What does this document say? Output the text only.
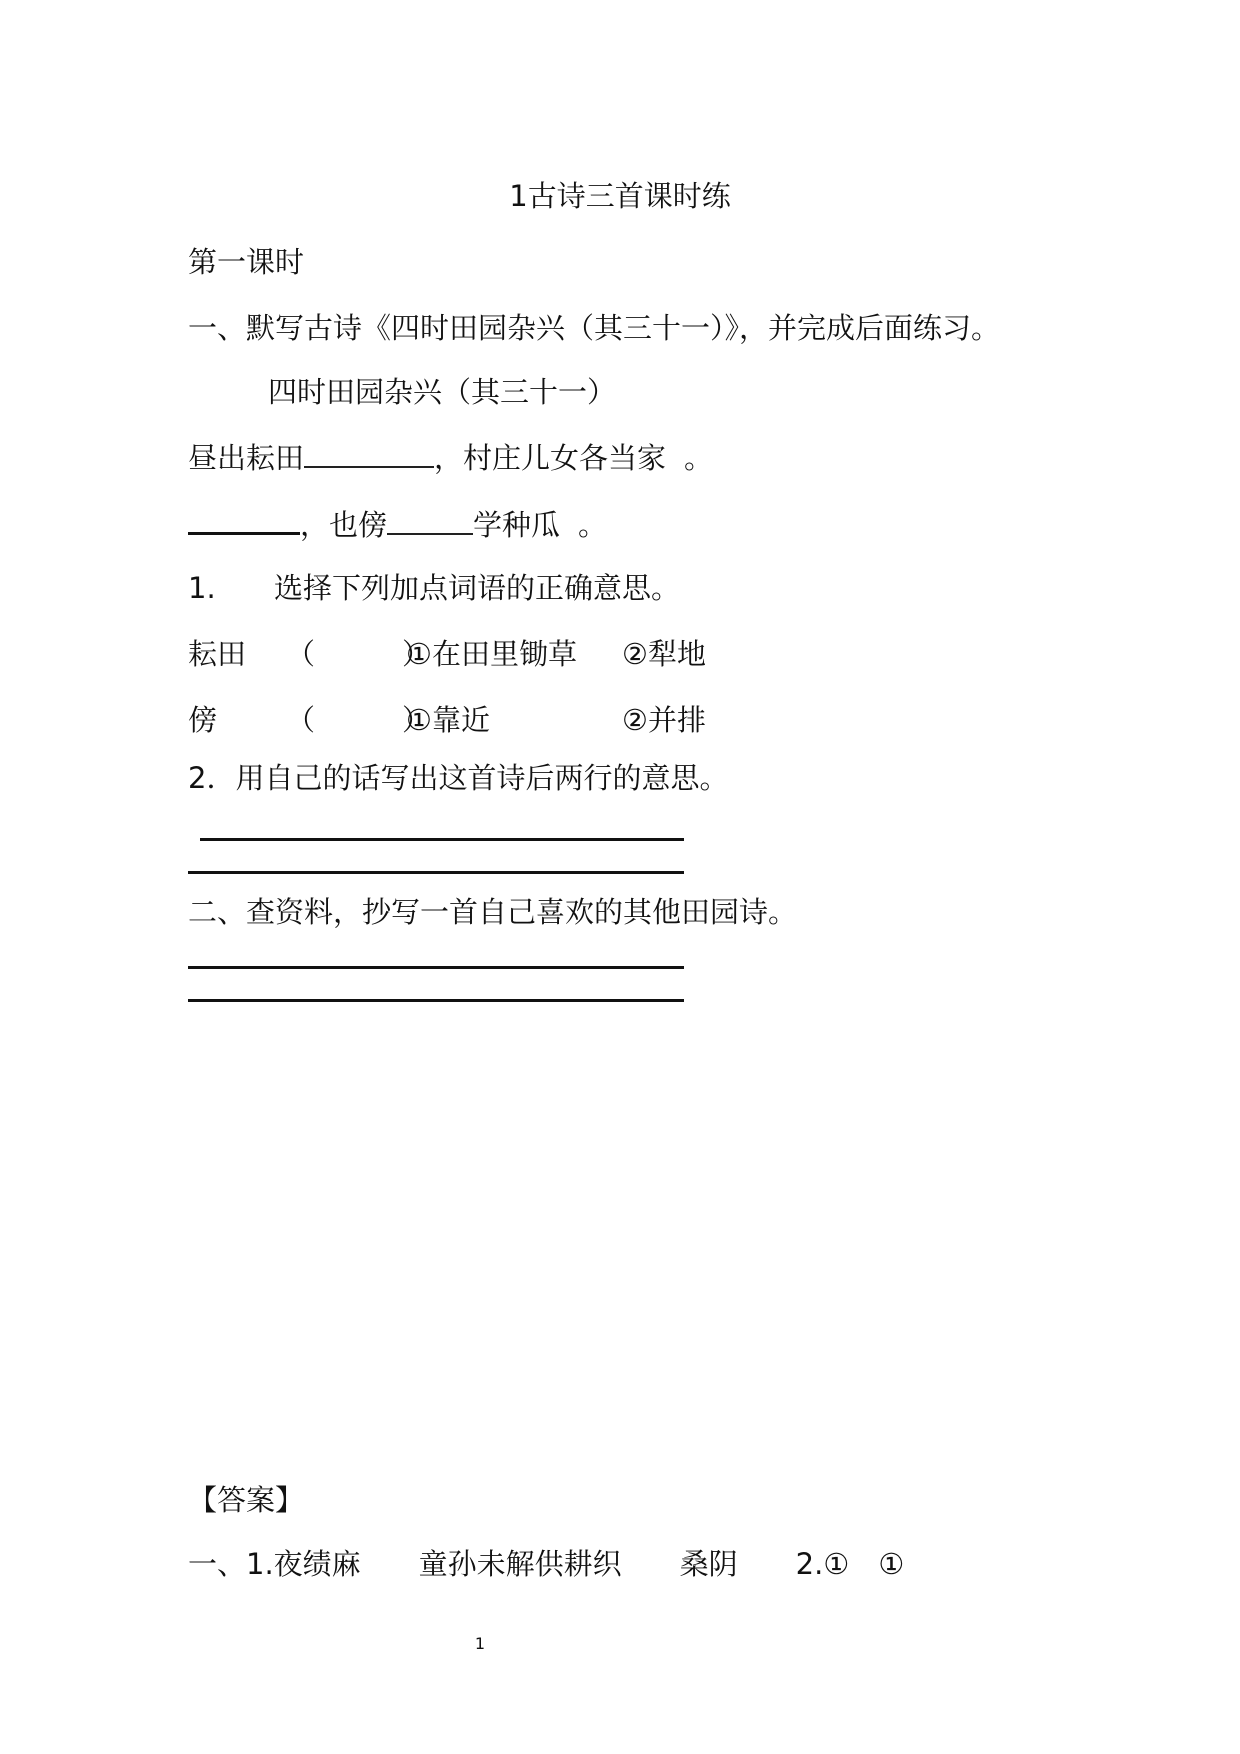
1古诗三首课时练
第一课时
一、默写古诗《四时田园杂兴（其三十一）》，并完成后面练习。
四时田园杂兴（其三十一）
昼出耘田	，村庄儿女各当家 。
，也傍	学种瓜 。
1. 选择下列加点词语的正确意思。
耘田 （　　　）
①在田里锄草 ②犁地
傍 （　　　）
①靠近	②并排
2．用自己的话写出这首诗后两行的意思。
二、查资料，抄写一首自己喜欢的其他田园诗。
【答案】
一、1.夜绩麻　　童孙未解供耕织　　桑阴　　2.①　①
1
